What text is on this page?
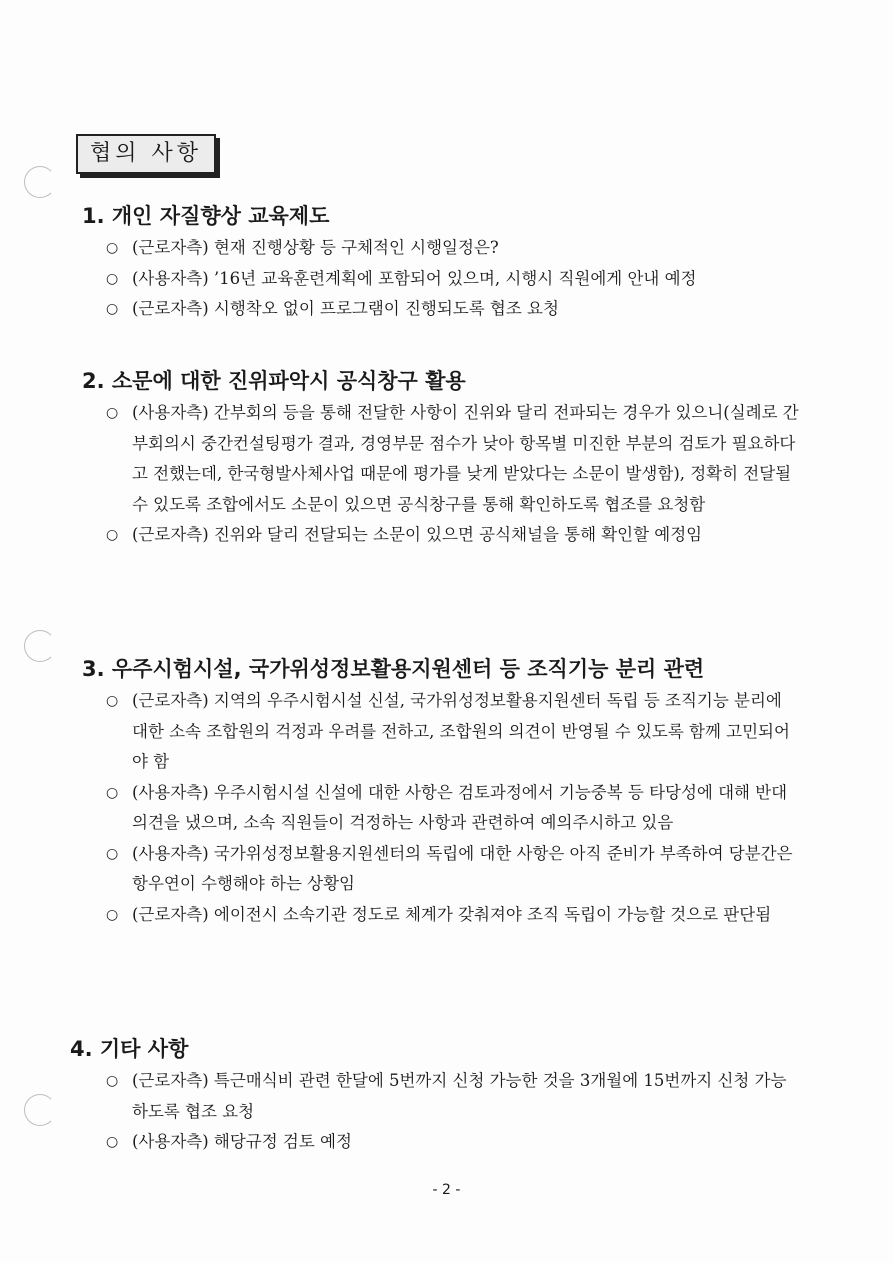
협의 사항
1. 개인 자질향상 교육제도
○ (근로자측) 현재 진행상황 등 구체적인 시행일정은?
○ (사용자측) ’16년 교육훈련계획에 포함되어 있으며, 시행시 직원에게 안내 예정
○ (근로자측) 시행착오 없이 프로그램이 진행되도록 협조 요청
2. 소문에 대한 진위파악시 공식창구 활용
○ (사용자측) 간부회의 등을 통해 전달한 사항이 진위와 달리 전파되는 경우가 있으니(실례로 간부회의시 중간컨설팅평가 결과, 경영부문 점수가 낮아 항목별 미진한 부분의 검토가 필요하다고 전했는데, 한국형발사체사업 때문에 평가를 낮게 받았다는 소문이 발생함), 정확히 전달될 수 있도록 조합에서도 소문이 있으면 공식창구를 통해 확인하도록 협조를 요청함
○ (근로자측) 진위와 달리 전달되는 소문이 있으면 공식채널을 통해 확인할 예정임
3. 우주시험시설, 국가위성정보활용지원센터 등 조직기능 분리 관련
○ (근로자측) 지역의 우주시험시설 신설, 국가위성정보활용지원센터 독립 등 조직기능 분리에 대한 소속 조합원의 걱정과 우려를 전하고, 조합원의 의견이 반영될 수 있도록 함께 고민되어야 함
○ (사용자측) 우주시험시설 신설에 대한 사항은 검토과정에서 기능중복 등 타당성에 대해 반대의견을 냈으며, 소속 직원들이 걱정하는 사항과 관련하여 예의주시하고 있음
○ (사용자측) 국가위성정보활용지원센터의 독립에 대한 사항은 아직 준비가 부족하여 당분간은 항우연이 수행해야 하는 상황임
○ (근로자측) 에이전시 소속기관 정도로 체계가 갖춰져야 조직 독립이 가능할 것으로 판단됨
4. 기타 사항
○ (근로자측) 특근매식비 관련 한달에 5번까지 신청 가능한 것을 3개월에 15번까지 신청 가능하도록 협조 요청
○ (사용자측) 해당규정 검토 예정
- 2 -
